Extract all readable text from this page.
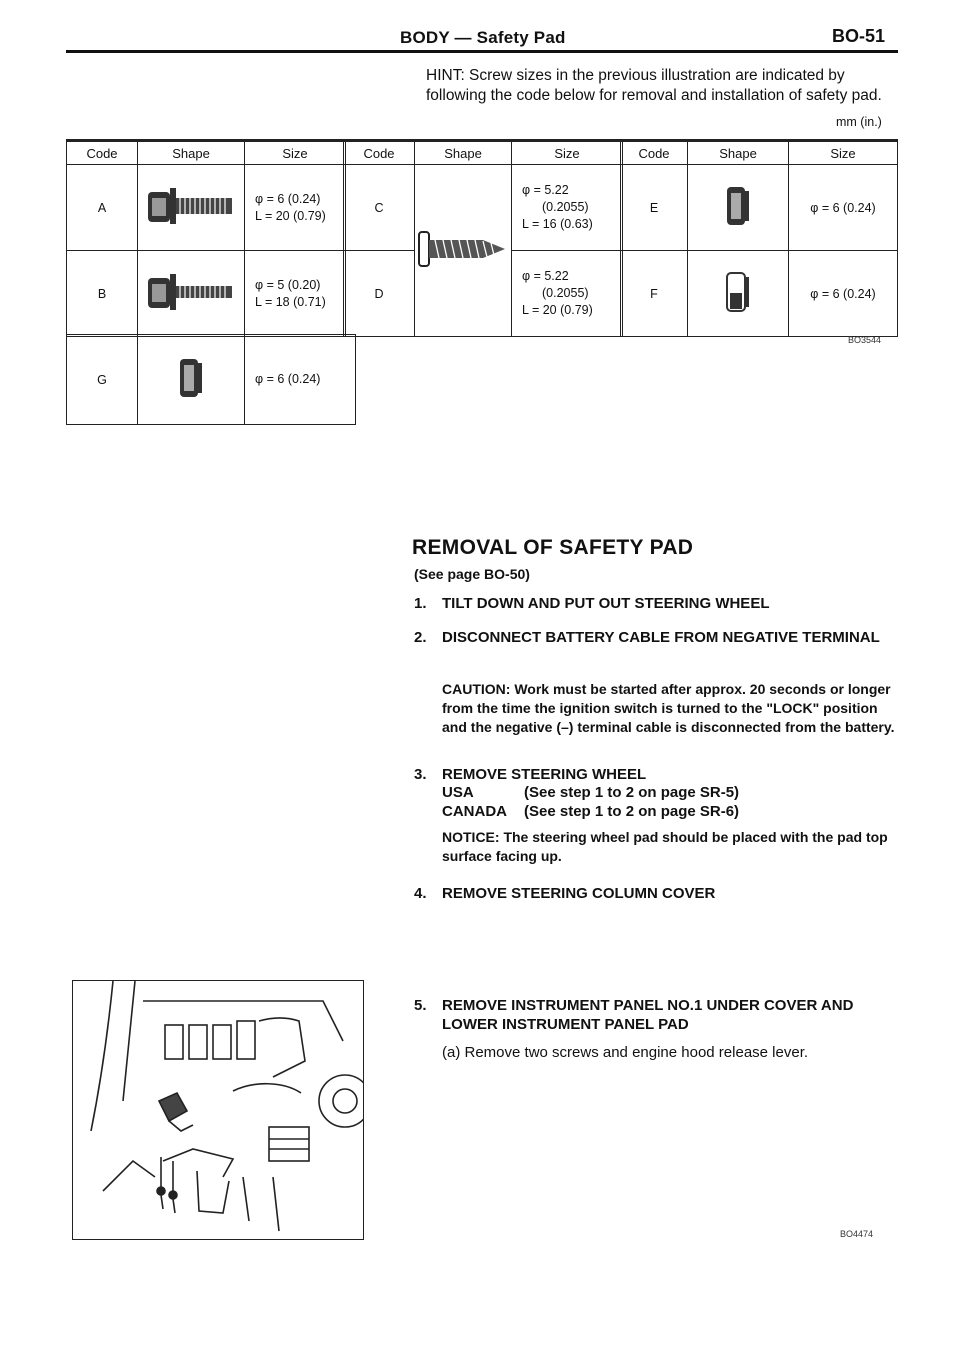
BODY — Safety Pad	BO-51
HINT: Screw sizes in the previous illustration are indicated by following the code below for removal and installation of safety pad.
mm (in.)
Code	Shape	Size
A		φ = 6 (0.24)
L = 20 (0.79)

B		φ = 5 (0.20)
L = 18 (0.71)
Code	Shape	Size
C		φ = 5.22
(0.2055)
L = 16 (0.63)

D		φ = 5.22
(0.2055)
L = 20 (0.79)
Code	Shape	Size
E		φ = 6 (0.24)
F		φ = 6 (0.24)
BO3544
G		φ = 6 (0.24)
REMOVAL OF SAFETY PAD
(See page BO-50)
1. TILT DOWN AND PUT OUT STEERING WHEEL
2. DISCONNECT BATTERY CABLE FROM NEGATIVE TERMINAL
CAUTION: Work must be started after approx. 20 seconds or longer from the time the ignition switch is turned to the "LOCK" position and the negative (–) terminal cable is disconnected from the battery.
3. REMOVE STEERING WHEEL
USA	(See step 1 to 2 on page SR-5)
CANADA (See step 1 to 2 on page SR-6)
NOTICE: The steering wheel pad should be placed with the pad top surface facing up.
4. REMOVE STEERING COLUMN COVER
5. REMOVE INSTRUMENT PANEL NO.1 UNDER COVER AND LOWER INSTRUMENT PANEL PAD
(a) Remove two screws and engine hood release lever.
BO4474
